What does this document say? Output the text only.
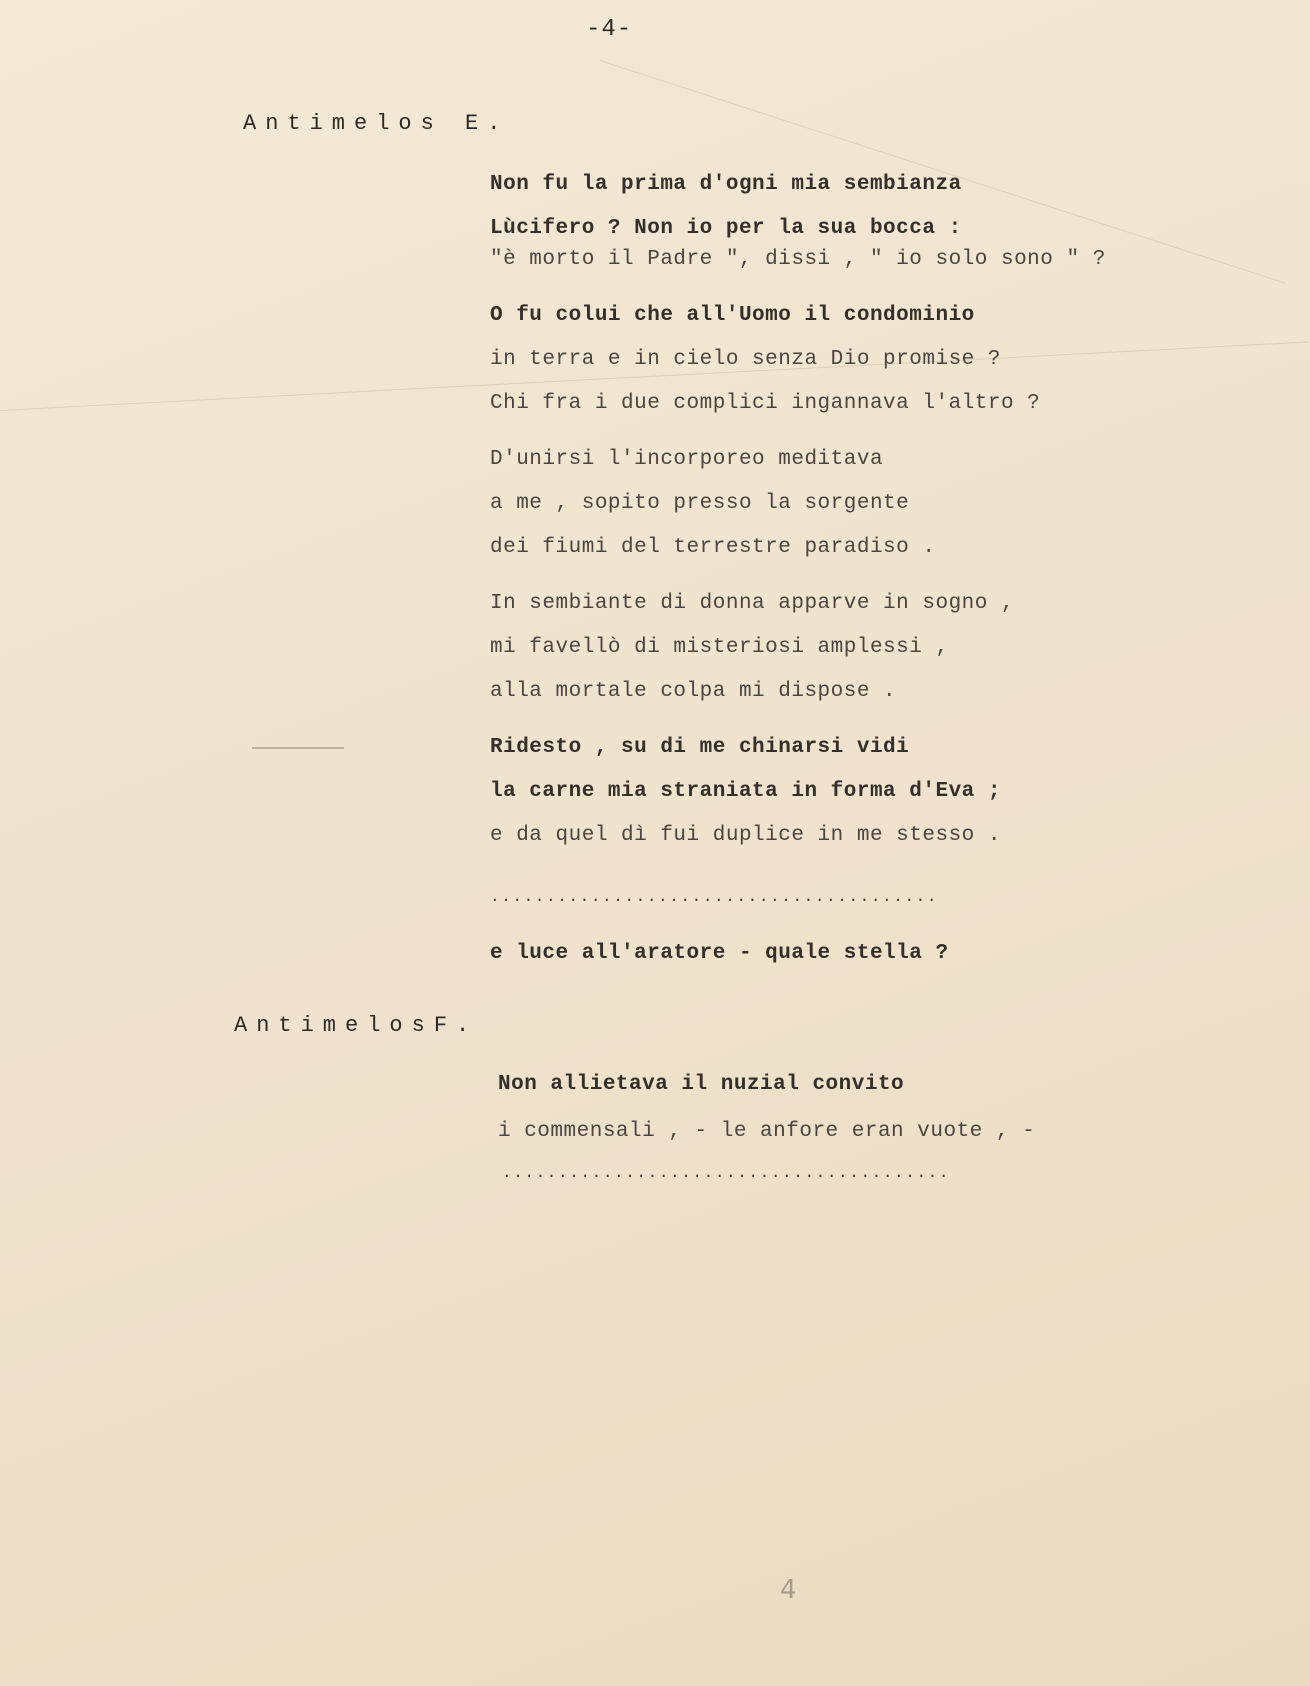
-4-
Antimelos E.
Non fu la prima d'ogni mia sembianza
Lùcifero ? Non io per la sua bocca :
"è morto il Padre ", dissi , " io solo sono " ?
O fu colui che all'Uomo il condominio
in terra e in cielo senza Dio promise ?
Chi fra i due complici ingannava l'altro ?
D'unirsi l'incorporeo meditava
a me , sopito presso la sorgente
dei fiumi del terrestre paradiso .
In sembiante di donna apparve in sogno ,
mi favellò di misteriosi amplessi ,
alla mortale colpa mi dispose .
Ridesto , su di me chinarsi vidi
la carne mia straniata in forma d'Eva ;
e da quel dì fui duplice in me stesso .
........................................
e luce all'aratore - quale stella ?
AntimelosF.
Non allietava il nuzial convito
i commensali , - le anfore eran vuote , -
........................................
4
